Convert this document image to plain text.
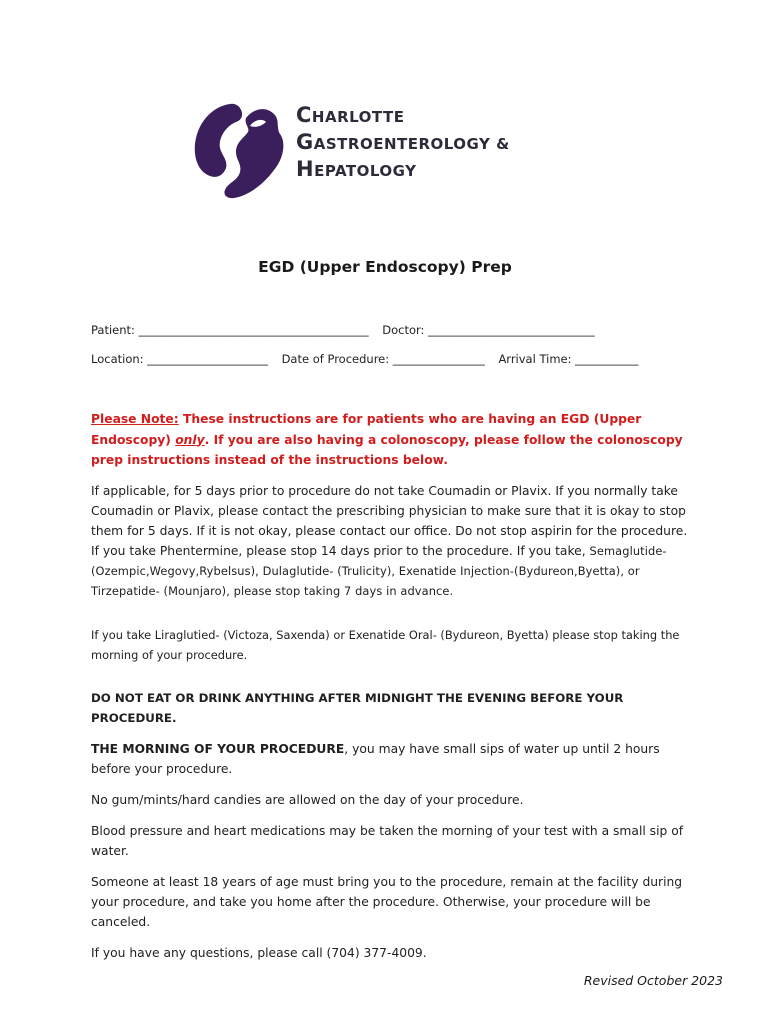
CHARLOTTE
GASTROENTEROLOGY &
HEPATOLOGY
EGD (Upper Endoscopy) Prep
Patient: ________________________________________ Doctor: _____________________________
Location: _____________________ Date of Procedure: ________________ Arrival Time: ___________

Please Note: These instructions are for patients who are having an EGD (Upper Endoscopy) only. If you are also having a colonoscopy, please follow the colonoscopy prep instructions instead of the instructions below.

If applicable, for 5 days prior to procedure do not take Coumadin or Plavix. If you normally take Coumadin or Plavix, please contact the prescribing physician to make sure that it is okay to stop them for 5 days. If it is not okay, please contact our office. Do not stop aspirin for the procedure. If you take Phentermine, please stop 14 days prior to the procedure. If you take, Semaglutide- (Ozempic,Wegovy,Rybelsus), Dulaglutide- (Trulicity), Exenatide Injection-(Bydureon,Byetta), or Tirzepatide- (Mounjaro), please stop taking 7 days in advance.

If you take Liraglutied- (Victoza, Saxenda) or Exenatide Oral- (Bydureon, Byetta) please stop taking the morning of your procedure.

DO NOT EAT OR DRINK ANYTHING AFTER MIDNIGHT THE EVENING BEFORE YOUR PROCEDURE.

THE MORNING OF YOUR PROCEDURE, you may have small sips of water up until 2 hours before your procedure.

No gum/mints/hard candies are allowed on the day of your procedure.

Blood pressure and heart medications may be taken the morning of your test with a small sip of water.

Someone at least 18 years of age must bring you to the procedure, remain at the facility during your procedure, and take you home after the procedure. Otherwise, your procedure will be canceled.

If you have any questions, please call (704) 377-4009.

Revised October 2023
